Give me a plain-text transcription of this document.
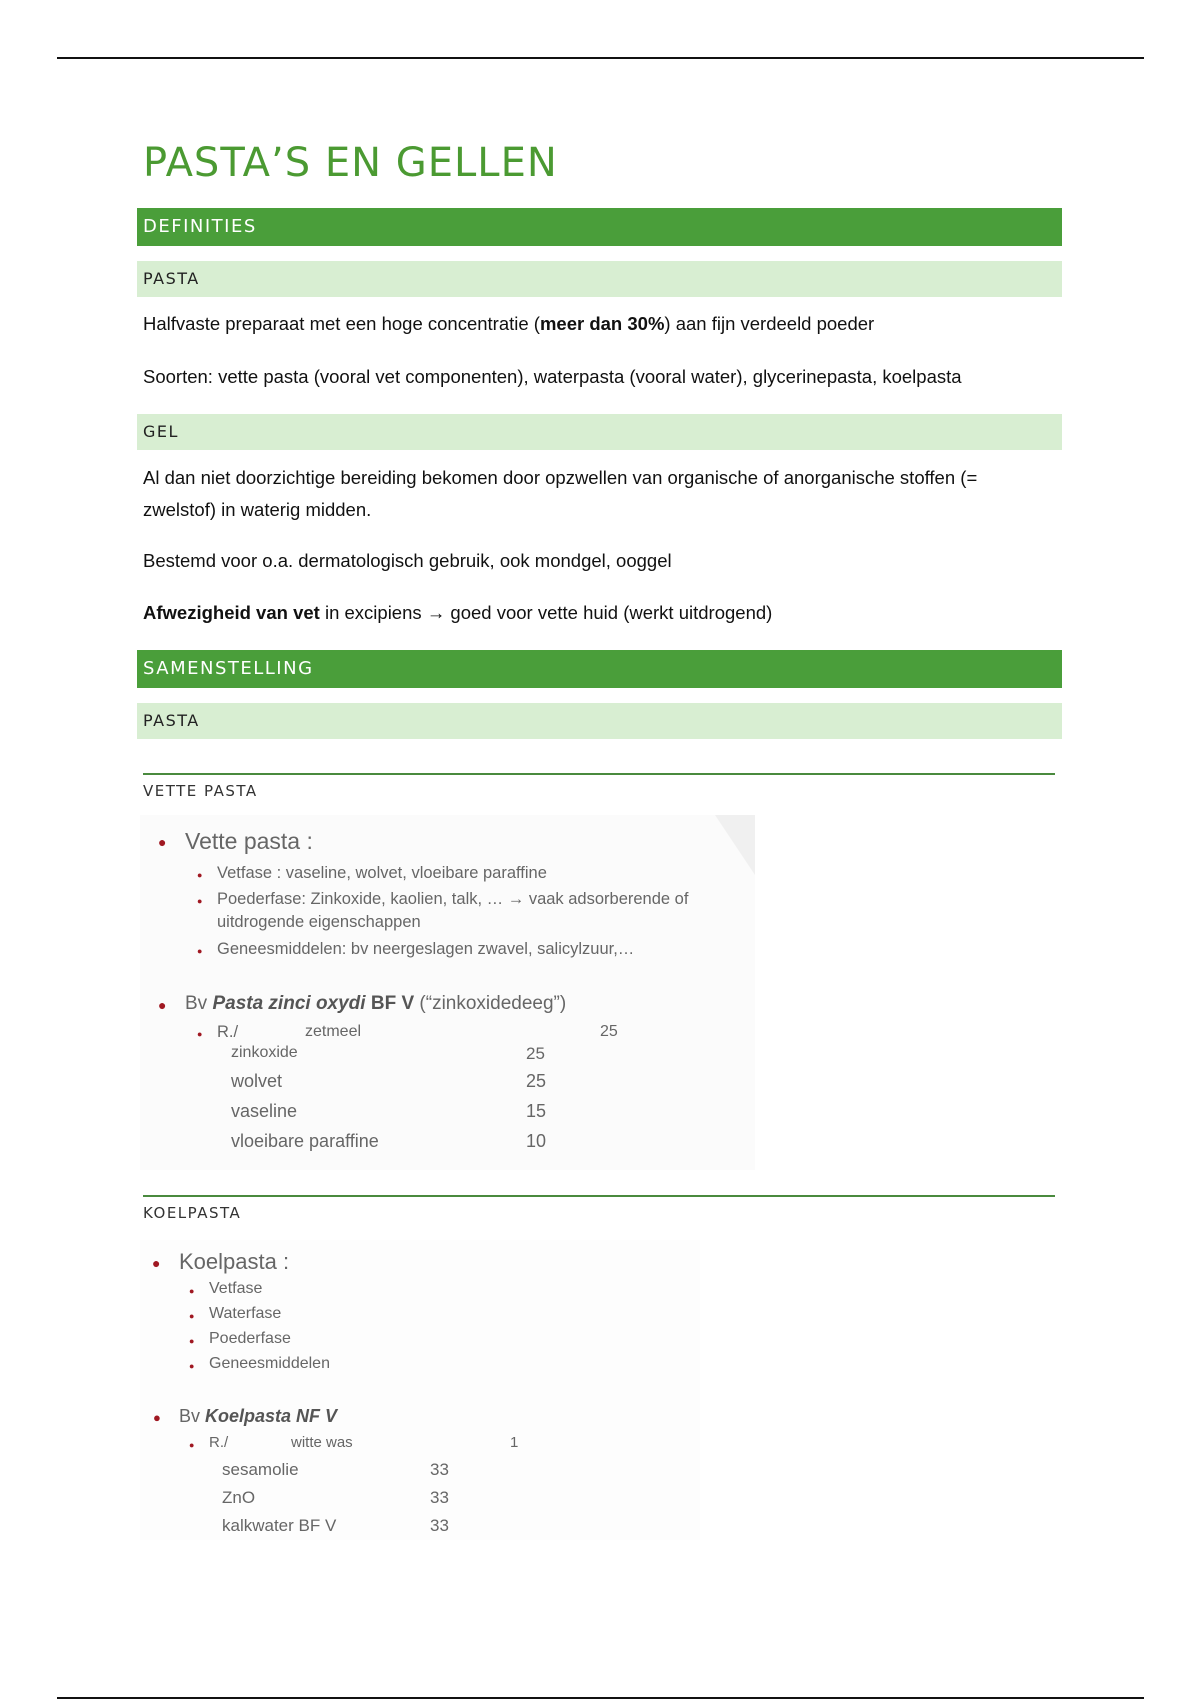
PASTA’S EN GELLEN
DEFINITIES
PASTA

Halfvaste preparaat met een hoge concentratie (meer dan 30%) aan fijn verdeeld poeder

Soorten: vette pasta (vooral vet componenten), waterpasta (vooral water), glycerinepasta, koelpasta

GEL

Al dan niet doorzichtige bereiding bekomen door opzwellen van organische of anorganische stoffen (= zwelstof) in waterig midden.

Bestemd voor o.a. dermatologisch gebruik, ook mondgel, ooggel

Afwezigheid van vet in excipiens → goed voor vette huid (werkt uitdrogend)

SAMENSTELLING
PASTA
VETTE PASTA
● Vette pasta :
● Vetfase : vaseline, wolvet, vloeibare paraffine
● Poederfase: Zinkoxide, kaolien, talk, … → vaak adsorberende of
uitdrogende eigenschappen
● Geneesmiddelen: bv neergeslagen zwavel, salicylzuur,…
● Bv Pasta zinci oxydi BF V (“zinkoxidedeeg”)
● R./	zetmeel	25
zinkoxide	25
wolvet	25
vaseline	15
vloeibare paraffine	10
KOELPASTA
● Koelpasta :
● Vetfase
● Waterfase
● Poederfase
● Geneesmiddelen
● Bv Koelpasta NF V
● R./	witte was	1
sesamolie	33
ZnO	33
kalkwater BF V	33
